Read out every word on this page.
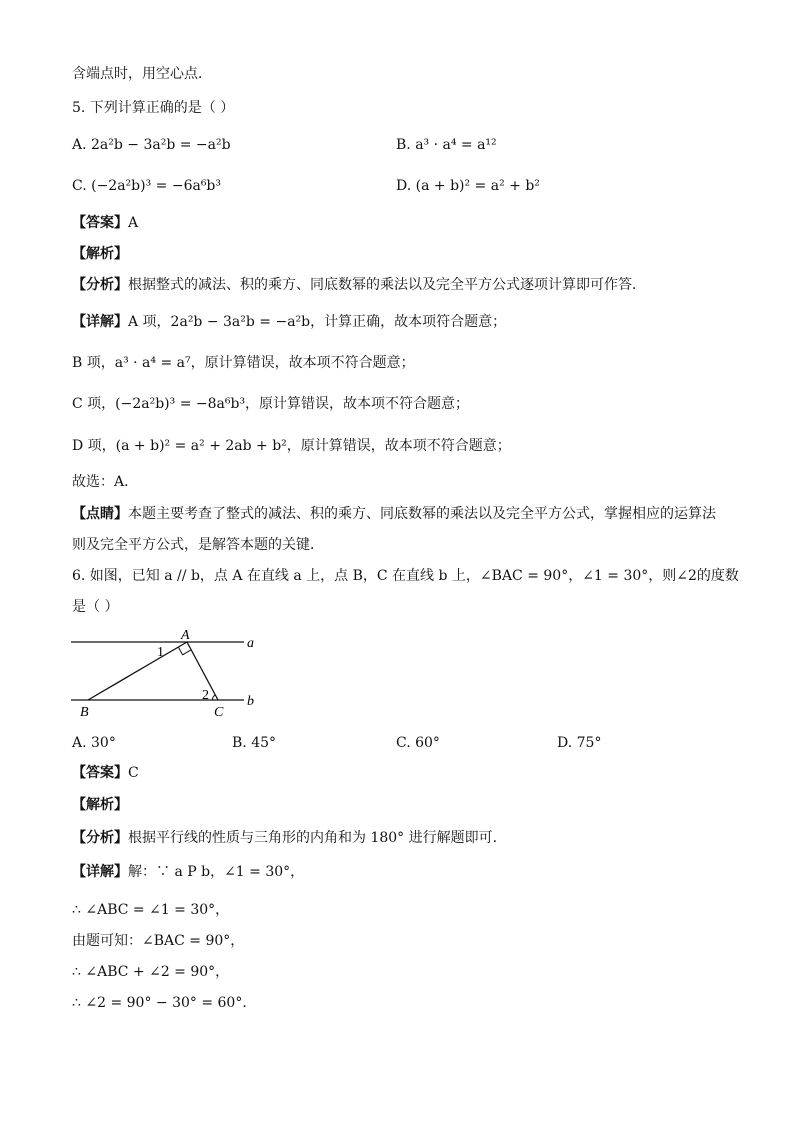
含端点时，用空心点．
5. 下列计算正确的是（ ）
A. 2a²b − 3a²b = −a²b	B. a³ · a⁴ = a¹²
C. (−2a²b)³ = −6a⁶b³	D. (a + b)² = a² + b²
【答案】A
【解析】
【分析】根据整式的减法、积的乘方、同底数幂的乘法以及完全平方公式逐项计算即可作答．
【详解】A 项，2a²b − 3a²b = −a²b，计算正确，故本项符合题意；
B 项，a³ · a⁴ = a⁷，原计算错误，故本项不符合题意；
C 项，(−2a²b)³ = −8a⁶b³，原计算错误，故本项不符合题意；
D 项，(a + b)² = a² + 2ab + b²，原计算错误，故本项不符合题意；
故选：A．
【点睛】本题主要考查了整式的减法、积的乘方、同底数幂的乘法以及完全平方公式，掌握相应的运算法
则及完全平方公式，是解答本题的关键．
6. 如图，已知 a // b，点 A 在直线 a 上，点 B，C 在直线 b 上，∠BAC = 90°，∠1 = 30°，则∠2的度数
是（ ）
A
a
b
B	C
1
2
A. 30°	B. 45°	C. 60°	D. 75°
【答案】C
【解析】
【分析】根据平行线的性质与三角形的内角和为 180° 进行解题即可．
【详解】解：∵ a P b，∠1 = 30°，
∴ ∠ABC = ∠1 = 30°，
由题可知：∠BAC = 90°，
∴ ∠ABC + ∠2 = 90°，
∴ ∠2 = 90° − 30° = 60°．
